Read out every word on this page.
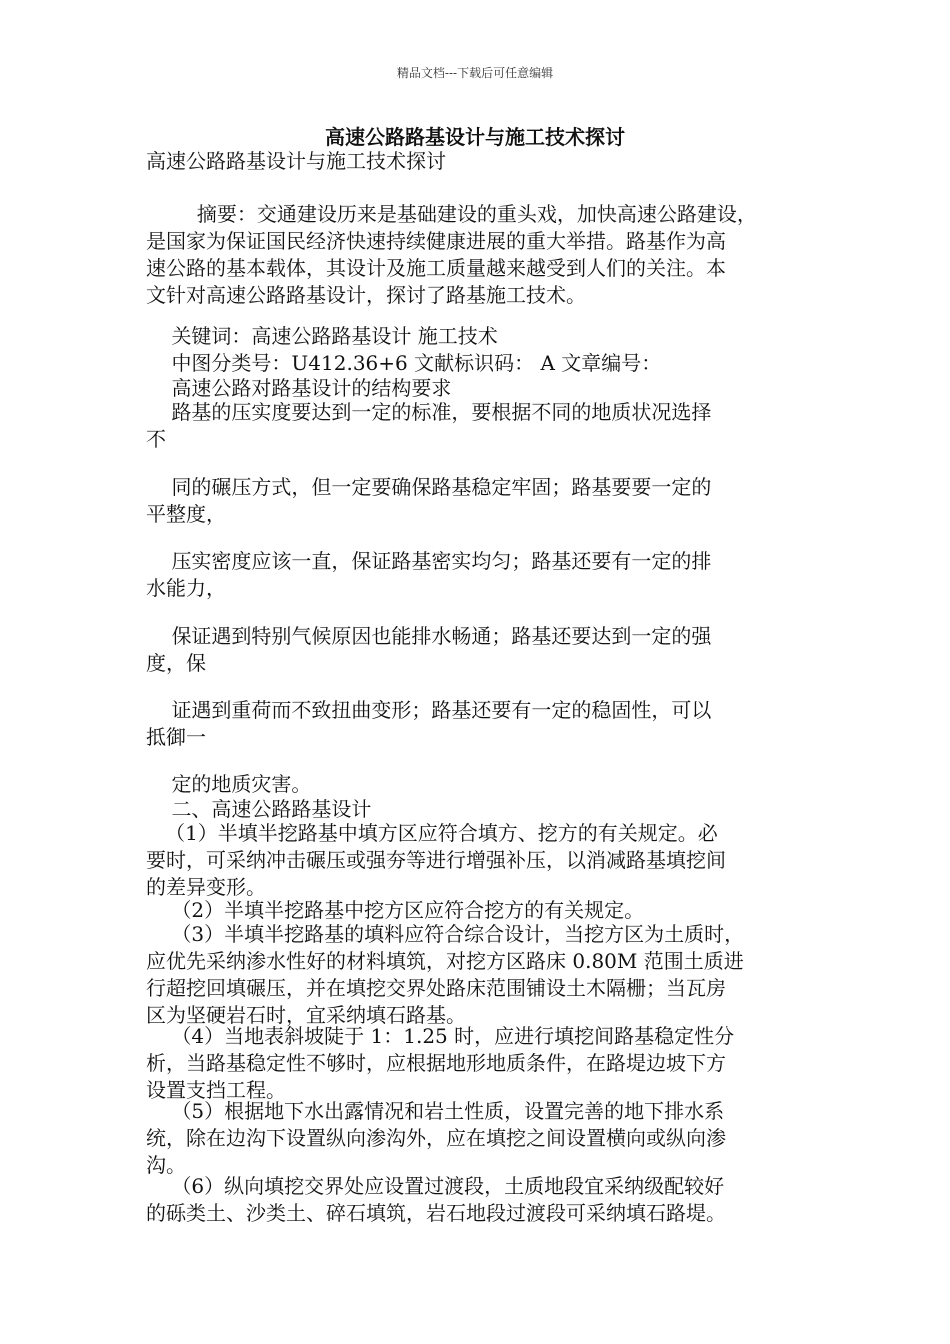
精品文档---下载后可任意编辑
高速公路路基设计与施工技术探讨
高速公路路基设计与施工技术探讨
摘要：交通建设历来是基础建设的重头戏，加快高速公路建设，
是国家为保证国民经济快速持续健康进展的重大举措。路基作为高
速公路的基本载体，其设计及施工质量越来越受到人们的关注。本
文针对高速公路路基设计，探讨了路基施工技术。
关键词：高速公路路基设计 施工技术
中图分类号：U412.36+6 文献标识码： A 文章编号：
高速公路对路基设计的结构要求
路基的压实度要达到一定的标准，要根据不同的地质状况选择
不
同的碾压方式，但一定要确保路基稳定牢固；路基要要一定的
平整度，
压实密度应该一直，保证路基密实均匀；路基还要有一定的排
水能力，
保证遇到特别气候原因也能排水畅通；路基还要达到一定的强
度，保
证遇到重荷而不致扭曲变形；路基还要有一定的稳固性，可以
抵御一
定的地质灾害。
二、高速公路路基设计
（1）半填半挖路基中填方区应符合填方、挖方的有关规定。必
要时，可采纳冲击碾压或强夯等进行增强补压，以消减路基填挖间
的差异变形。
（2）半填半挖路基中挖方区应符合挖方的有关规定。
（3）半填半挖路基的填料应符合综合设计，当挖方区为土质时，
应优先采纳渗水性好的材料填筑，对挖方区路床 0.80M 范围土质进
行超挖回填碾压，并在填挖交界处路床范围铺设土木隔栅；当瓦房
区为坚硬岩石时，宜采纳填石路基。
（4）当地表斜坡陡于 1：1.25 时，应进行填挖间路基稳定性分
析，当路基稳定性不够时，应根据地形地质条件，在路堤边坡下方
设置支挡工程。
（5）根据地下水出露情况和岩土性质，设置完善的地下排水系
统，除在边沟下设置纵向渗沟外，应在填挖之间设置横向或纵向渗
沟。
（6）纵向填挖交界处应设置过渡段，土质地段宜采纳级配较好
的砾类土、沙类土、碎石填筑，岩石地段过渡段可采纳填石路堤。
